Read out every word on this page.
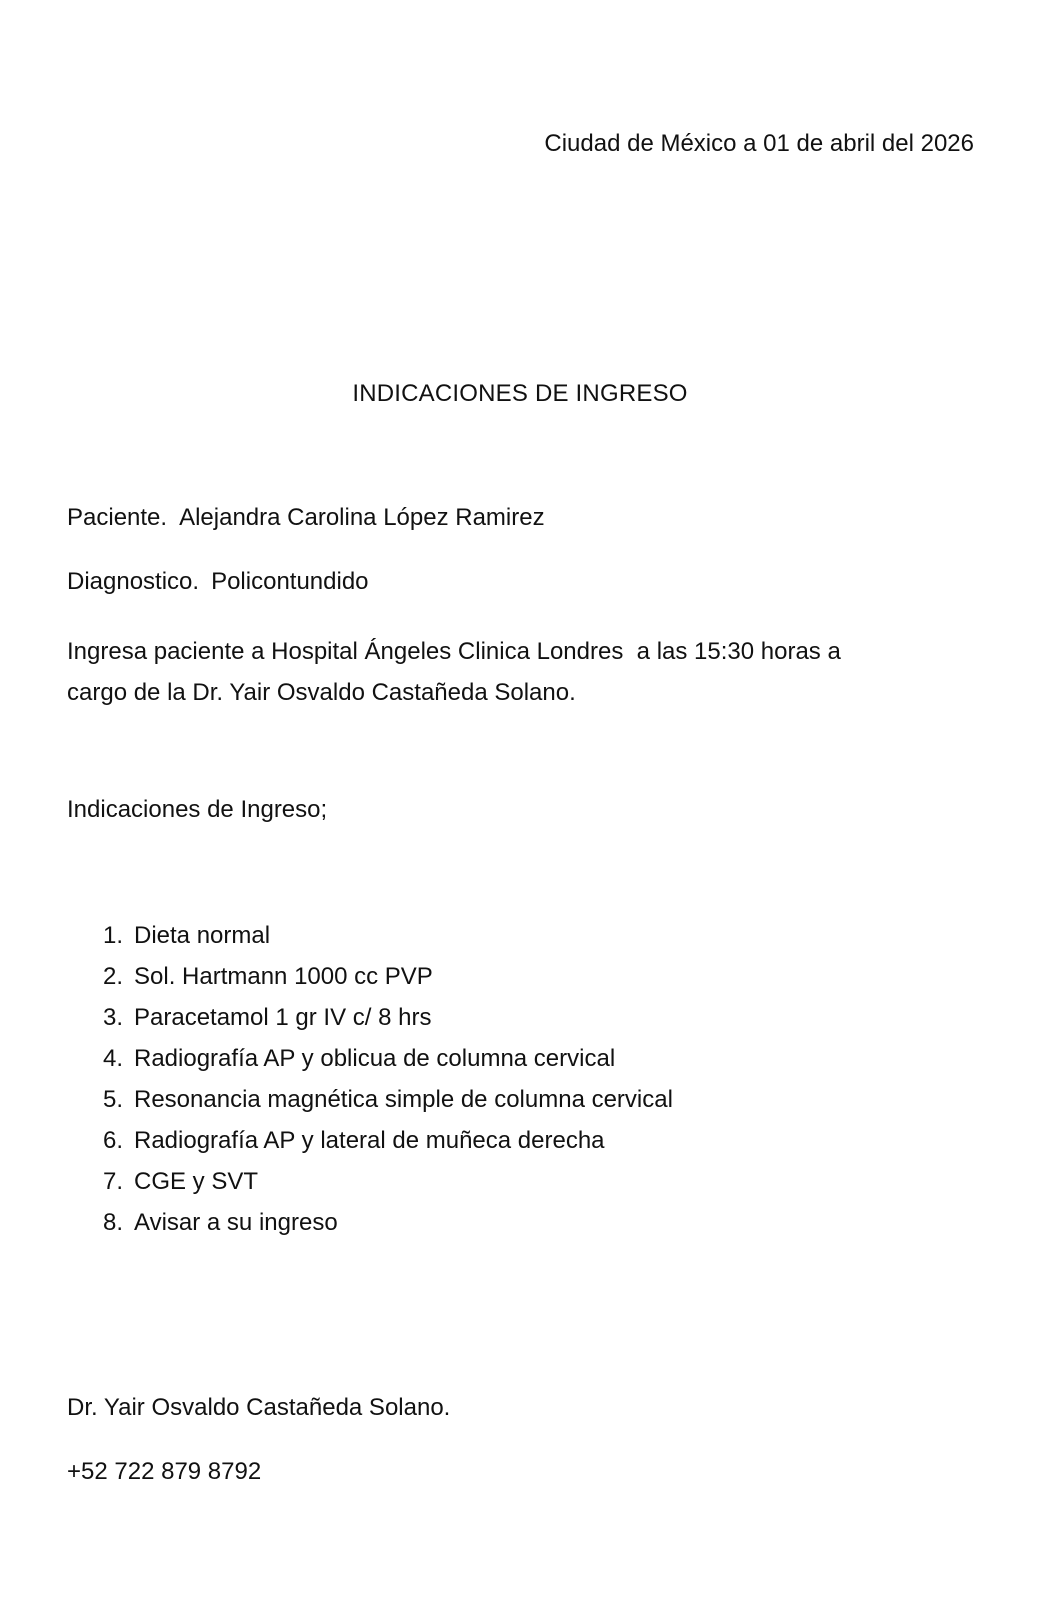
Ciudad de México a 01 de abril del 2026
INDICACIONES DE INGRESO
Paciente. Alejandra Carolina López Ramirez
Diagnostico. Policontundido
Ingresa paciente a Hospital Ángeles Clinica Londres  a las 15:30 horas a
cargo de la Dr. Yair Osvaldo Castañeda Solano.
Indicaciones de Ingreso;
1. Dieta normal
2. Sol. Hartmann 1000 cc PVP
3. Paracetamol 1 gr IV c/ 8 hrs
4. Radiografía AP y oblicua de columna cervical
5. Resonancia magnética simple de columna cervical
6. Radiografía AP y lateral de muñeca derecha
7. CGE y SVT
8. Avisar a su ingreso
Dr. Yair Osvaldo Castañeda Solano.
+52 722 879 8792
